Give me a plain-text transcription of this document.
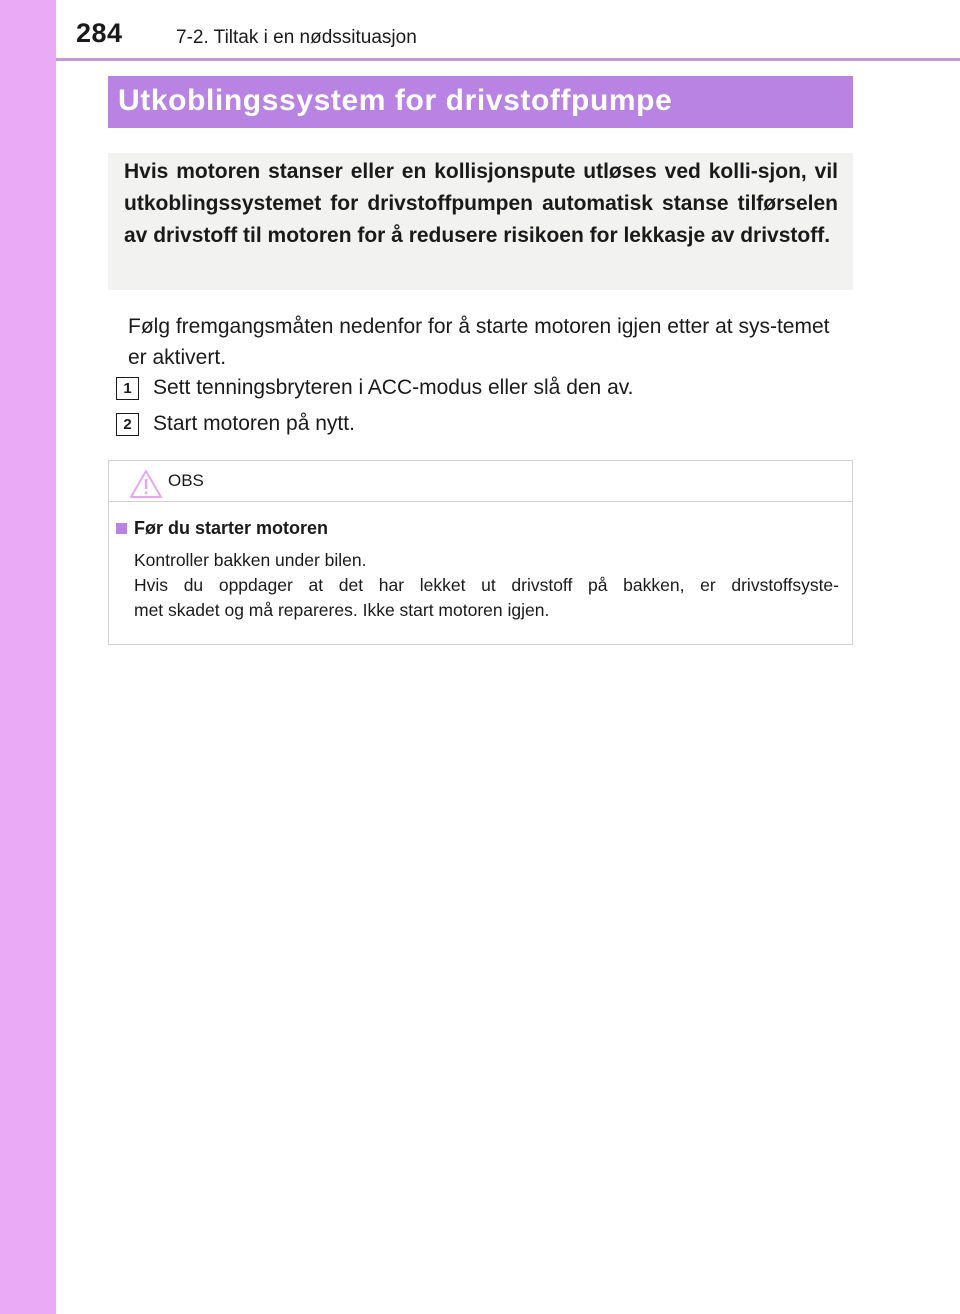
284	7-2. Tiltak i en nødssituasjon
Utkoblingssystem for drivstoffpumpe
Hvis motoren stanser eller en kollisjonspute utløses ved kolli-sjon, vil utkoblingssystemet for drivstoffpumpen automatisk stanse tilførselen av drivstoff til motoren for å redusere risikoen for lekkasje av drivstoff.
Følg fremgangsmåten nedenfor for å starte motoren igjen etter at sys-temet er aktivert.
1	Sett tenningsbryteren i ACC-modus eller slå den av.
2	Start motoren på nytt.
OBS
Før du starter motoren
Kontroller bakken under bilen.
Hvis du oppdager at det har lekket ut drivstoff på bakken, er drivstoffsyste-
met skadet og må repareres. Ikke start motoren igjen.
